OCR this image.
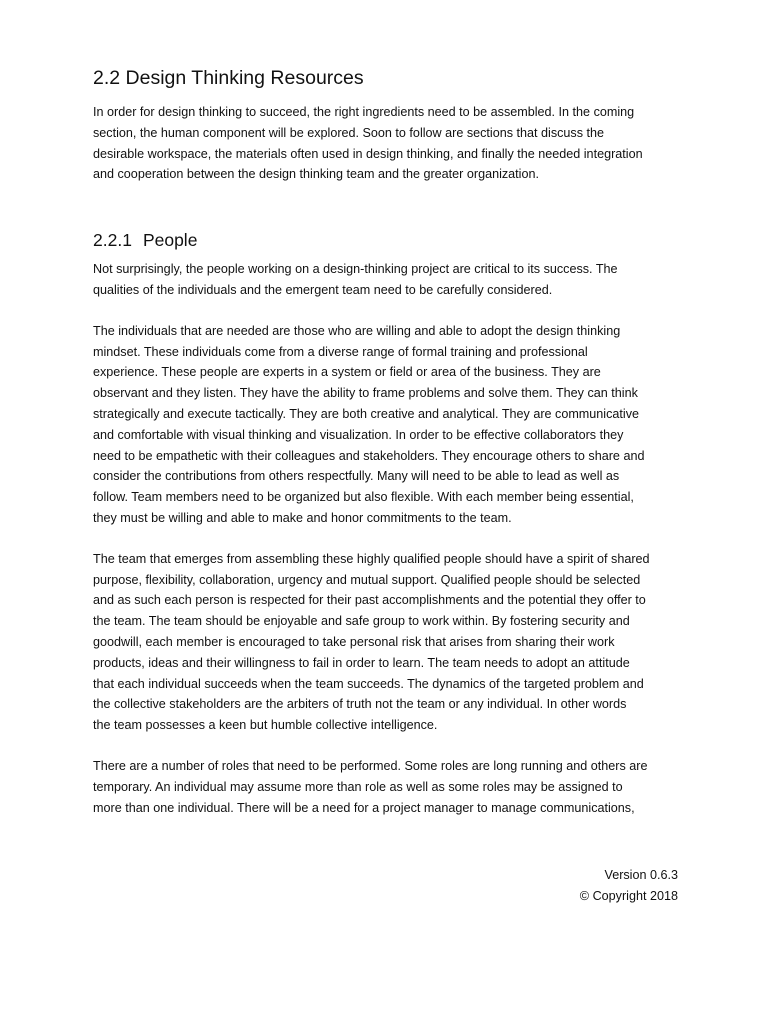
2.2 Design Thinking Resources

In order for design thinking to succeed, the right ingredients need to be assembled. In the coming
section, the human component will be explored. Soon to follow are sections that discuss the
desirable workspace, the materials often used in design thinking, and finally the needed integration
and cooperation between the design thinking team and the greater organization.

2.2.1 People

Not surprisingly, the people working on a design-thinking project are critical to its success. The
qualities of the individuals and the emergent team need to be carefully considered.

The individuals that are needed are those who are willing and able to adopt the design thinking
mindset. These individuals come from a diverse range of formal training and professional
experience. These people are experts in a system or field or area of the business. They are
observant and they listen. They have the ability to frame problems and solve them. They can think
strategically and execute tactically. They are both creative and analytical. They are communicative
and comfortable with visual thinking and visualization. In order to be effective collaborators they
need to be empathetic with their colleagues and stakeholders. They encourage others to share and
consider the contributions from others respectfully. Many will need to be able to lead as well as
follow. Team members need to be organized but also flexible. With each member being essential,
they must be willing and able to make and honor commitments to the team.

The team that emerges from assembling these highly qualified people should have a spirit of shared
purpose, flexibility, collaboration, urgency and mutual support. Qualified people should be selected
and as such each person is respected for their past accomplishments and the potential they offer to
the team. The team should be enjoyable and safe group to work within. By fostering security and
goodwill, each member is encouraged to take personal risk that arises from sharing their work
products, ideas and their willingness to fail in order to learn. The team needs to adopt an attitude
that each individual succeeds when the team succeeds. The dynamics of the targeted problem and
the collective stakeholders are the arbiters of truth not the team or any individual. In other words
the team possesses a keen but humble collective intelligence.

There are a number of roles that need to be performed. Some roles are long running and others are
temporary. An individual may assume more than role as well as some roles may be assigned to
more than one individual. There will be a need for a project manager to manage communications,

Version 0.6.3
© Copyright 2018
